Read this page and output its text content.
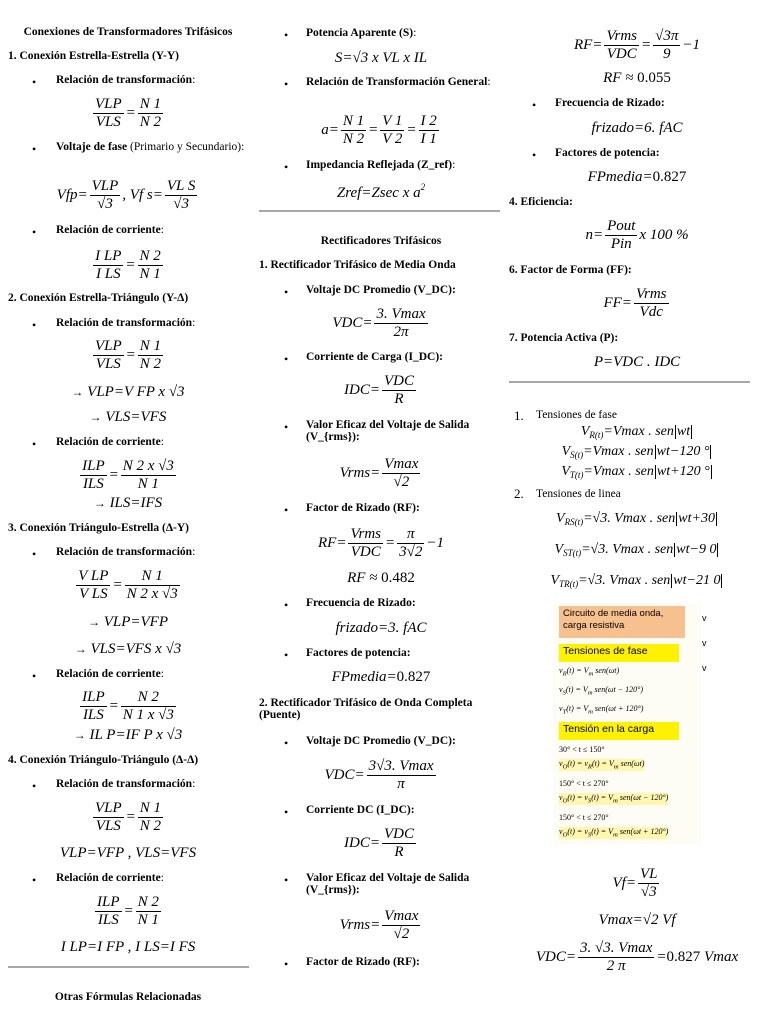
Conexiones de Transformadores Trifásicos
1. Conexión Estrella-Estrella (Y-Y)
• Relación de transformación:
VLP
VLS
= $\frac{N 1}{N 2}$
• Voltaje de fase (Primario y Secundario):
Vfp=
VLP
√3
, Vf $s= \frac{\text{VL S}}{√3}$
• Relación de corriente:
$\frac{\text{I LP}}{\text{I LS}} = \frac{N 2}{N 1}$
2. Conexión Estrella-Triángulo (Y-Δ)
• Relación de transformación:
VLP
VLS
= $\frac{N 1}{N 2}$
→ VLP=V FP x √3
→ VLS=VFS
• Relación de corriente:
ILP
ILS
= $\frac{N 2 x √3}{N 1}$
→ ILS=IFS
3. Conexión Triángulo-Estrella (Δ-Y)
• Relación de transformación:
$\frac{\text{V LP}}{\text{V LS}} = \frac{N 1}{N 2 x √3}$
→ VLP=VFP
→ VLS=VFS x √3
• Relación de corriente:
ILP
ILS
= $\frac{N 2}{N 1 x √3}$
→ IL P=IF P x √3
4. Conexión Triángulo-Triángulo (Δ-Δ)
• Relación de transformación:
VLP
VLS
= $\frac{N 1}{N 2}$
VLP=VFP , VLS=VFS
• Relación de corriente:
ILP
ILS
= $\frac{N 2}{N 1}$
I LP=I FP , I LS=I FS
Otras Fórmulas Relacionadas
• Potencia Aparente (S):
S=√3 x VL x IL
• Relación de Transformación General:
$a= \frac{N 1}{N 2} = \frac{V 1}{V 2} = \frac{I 2}{I 1}$
• Impedancia Reflejada (Z_ref):
Zref=Zsec x $a^2$
Rectificadores Trifásicos
1. Rectificador Trifásico de Media Onda
• Voltaje DC Promedio (V_DC):
VDC=
3. Vmax
2π
• Corriente de Carga (I_DC):
IDC=
VDC
R
• Valor Eficaz del Voltaje de Salida (V_{rms}):
Vrms=
Vmax
√2
• Factor de Rizado (RF):
RF=
Vrms
VDC
= $\frac{\pi}{3√2} -1$
RF ≈ 0.482
• Frecuencia de Rizado:
frizado=3. fAC
• Factores de potencia:
FPmedia=0.827
2. Rectificador Trifásico de Onda Completa (Puente)
• Voltaje DC Promedio (V_DC):
VDC=
3√3. Vmax
π
• Corriente DC (I_DC):
IDC=
VDC
R
• Valor Eficaz del Voltaje de Salida (V_{rms}):
Vrms=
Vmax
√2
• Factor de Rizado (RF):
RF=
Vrms
VDC
= $\frac{√3\pi}{9} -1$
RF ≈ 0.055
• Frecuencia de Rizado:
frizado=6. fAC
• Factores de potencia:
FPmedia=0.827
4. Eficiencia:
n=
Pout
Pin
x 100 %
6. Factor de Forma (FF):
FF=
Vrms
Vdc
7. Potencia Activa (P):
P=VDC . IDC
1. Tensiones de fase
$V_{R(t)}=Vmax$ . sen wt
$V_{S(t)}=Vmax$ . sen wt−120 °
$V_{T(t)}=Vmax$ . sen wt+120 °
2. Tensiones de linea
$V_{RS(t)}=√3$. Vmax . sen wt+30
$V_{ST(t)}=√3$. Vmax . sen wt−9 0
$V_{TR(t)}=√3$. Vmax . sen wt−21 0
$Vf= \frac{VL}{√3}$
Vmax=√2 Vf
VDC=
3. √3. Vmax
2 π
=0.827 Vmax
Circuito de media onda, carga resistiva
Tensiones de fase
$v_R(t) = V_m$ sen(ωt)
$v_S(t) = V_m$ sen(ωt − 120°)
$v_T(t) = V_m$ sen(ωt + 120°)
Tensión en la carga
30° < t ≤ 150°
$v_O(t) = v_R(t) = V_m$ sen(ωt)
150° < t ≤ 270°
$v_O(t) = v_S(t) = V_m$ sen(ωt − 120°)
150° < t ≤ 270°
$v_O(t) = v_S(t) = V_m$ sen(ωt + 120°)
v
v
v
